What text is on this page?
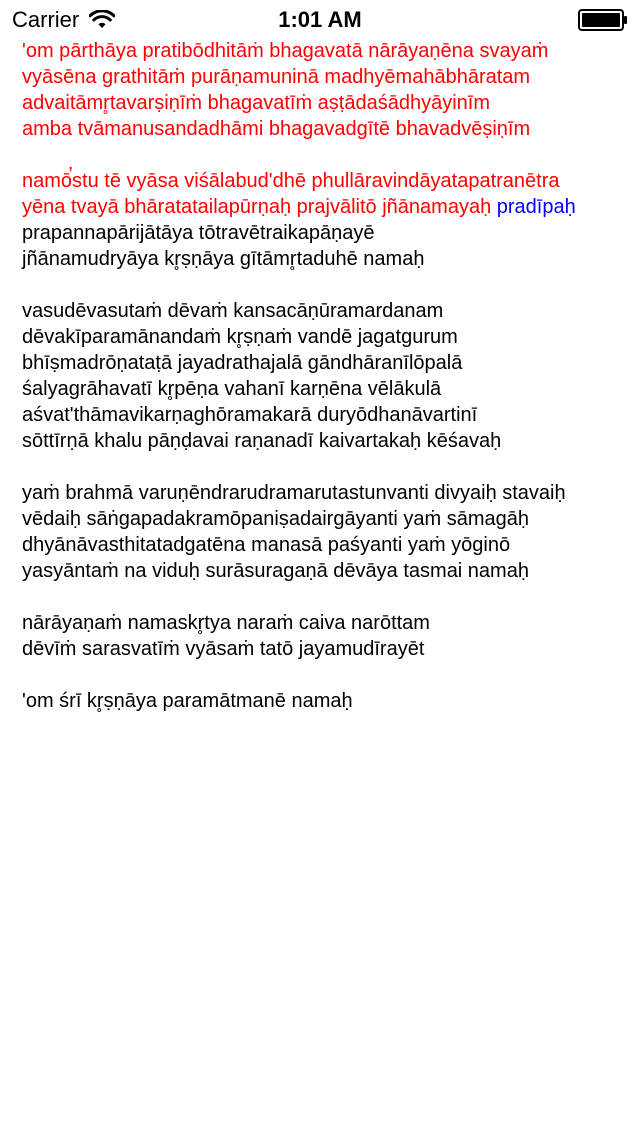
Carrier	1:01 AM
'om pārthāya pratibōdhitāṁ bhagavatā nārāyaṇēna svayaṁ
vyāsēna grathitāṁ purāṇamuninā madhyēmahābhāratam
advaitāmr̥tavarṣiṇīṁ bhagavatīṁ aṣṭādaśādhyāyinīm
amba tvāmanusandadhāmi bhagavadgītē bhavadvēṣiṇīm
namō̕stu tē vyāsa viśālabud'dhē phullāravindāyatapatranētra
yēna tvayā bhāratatailapūrṇaḥ prajvālitō jñānamayaḥ pradīpaḥ
prapannapārijātāya tōtravētraikapāṇayē
jñānamudryāya kr̥ṣṇāya gītāmr̥taduhē namaḥ
vasudēvasutaṁ dēvaṁ kansacāṇūramardanam
dēvakīparamānandaṁ kr̥ṣṇaṁ vandē jagatgurum
bhīṣmadrōṇataṭā jayadrathajalā gāndhāranīlōpalā
śalyagrāhavatī kr̥pēṇa vahanī karṇēna vēlākulā
aśvat'thāmavikarṇaghōramakarā duryōdhanāvartinī
sōttīrṇā khalu pāṇḍavai raṇanadī kaivartakaḥ kēśavaḥ
yaṁ brahmā varuṇēndrarudramarutastunvanti divyaiḥ stavaiḥ
vēdaiḥ sāṅgapadakramōpaniṣadairgāyanti yaṁ sāmagāḥ
dhyānāvasthitatadgatēna manasā paśyanti yaṁ yōginō
yasyāntaṁ na viduḥ surāsuragaṇā dēvāya tasmai namaḥ
nārāyaṇaṁ namaskr̥tya naraṁ caiva narōttam
dēvīṁ sarasvatīṁ vyāsaṁ tatō jayamudīrayēt
'om śrī kr̥ṣṇāya paramātmanē namaḥ
